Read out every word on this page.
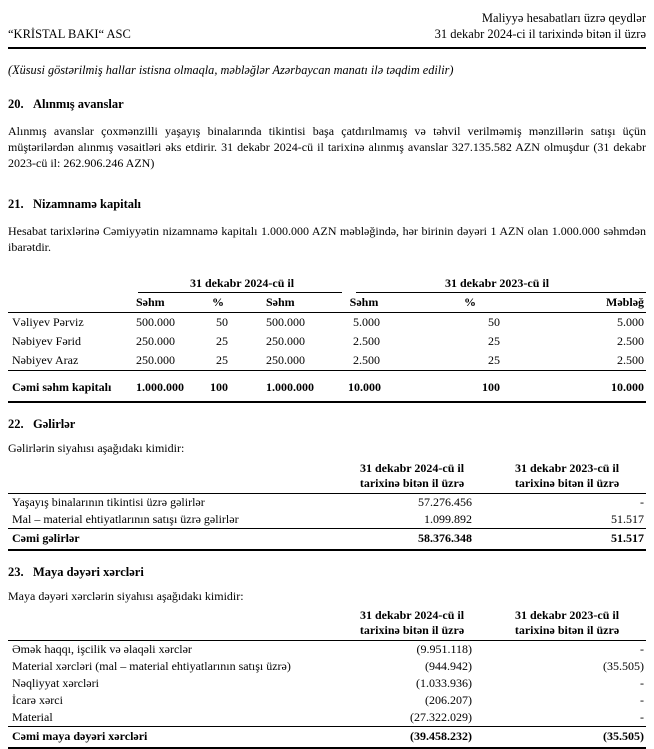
“KRİSTAL BAKI“ ASC
Maliyyə hesabatları üzrə qeydlər
31 dekabr 2024-ci il tarixində bitən il üzrə
(Xüsusi göstərilmiş hallar istisna olmaqla, məbləğlər Azərbaycan manatı ilə təqdim edilir)
20. Alınmış avanslar
Alınmış avanslar çoxmənzilli yaşayış binalarında tikintisi başa çatdırılmamış və təhvil verilməmiş mənzillərin satışı üçün müştərilərdən alınmış vəsaitləri əks etdirir. 31 dekabr 2024-cü il tarixinə alınmış avanslar 327.135.582 AZN olmuşdur (31 dekabr 2023-cü il: 262.906.246 AZN)
21. Nizamnamə kapitalı
Hesabat tarixlərinə Cəmiyyətin nizamnamə kapitalı 1.000.000 AZN məbləğində, hər birinin dəyəri 1 AZN olan 1.000.000 səhmdən ibarətdir.
	31 dekabr 2024-cü il			31 dekabr 2023-cü il		
	Səhm	%	Səhm	Səhm	%	Məbləğ
Vəliyev Pərviz	500.000	50	500.000	5.000	50	5.000
Nəbiyev Fərid	250.000	25	250.000	2.500	25	2.500
Nəbiyev Araz	250.000	25	250.000	2.500	25	2.500
Cəmi səhm kapitalı	1.000.000	100	1.000.000	10.000	100	10.000
22. Gəlirlər
Gəlirlərin siyahısı aşağıdakı kimidir:

31 dekabr 2024-cü il
tarixinə bitən il üzrə

31 dekabr 2023-cü il
tarixinə bitən il üzrə

Yaşayış binalarının tikintisi üzrə gəlirlər	57.276.456	-
Mal – material ehtiyatlarının satışı üzrə gəlirlər	1.099.892	51.517
Cəmi gəlirlər	58.376.348	51.517
23. Maya dəyəri xərcləri
Maya dəyəri xərclərin siyahısı aşağıdakı kimidir:

31 dekabr 2024-cü il
tarixinə bitən il üzrə

31 dekabr 2023-cü il
tarixinə bitən il üzrə

Əmək haqqı, işcilik və əlaqəli xərclər	(9.951.118)	-
Material xərcləri (mal – material ehtiyatlarının satışı üzrə)	(944.942)	(35.505)
Nəqliyyat xərcləri	(1.033.936)	-
İcarə xərci	(206.207)	-
Material	(27.322.029)	-
Cəmi maya dəyəri xərcləri	(39.458.232)	(35.505)
